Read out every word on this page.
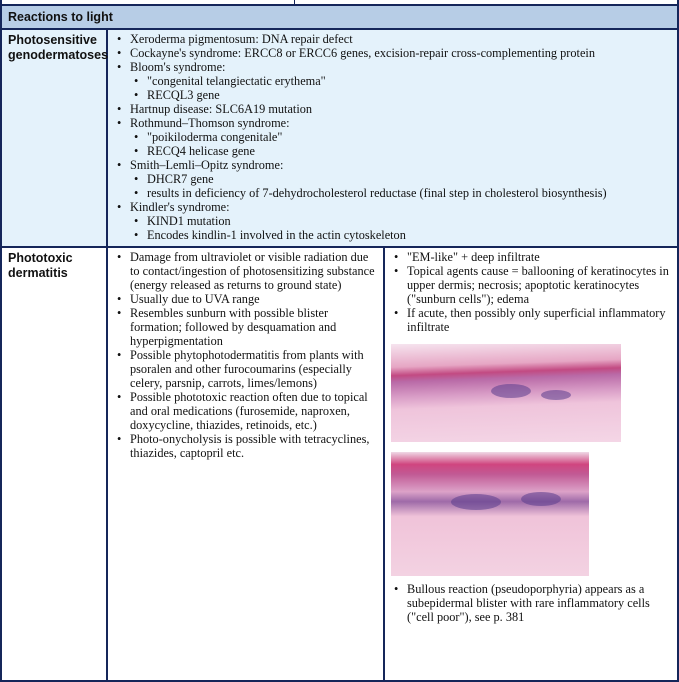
Reactions to light
Photosensitive genodermatoses
• Xeroderma pigmentosum: DNA repair defect
• Cockayne's syndrome: ERCC8 or ERCC6 genes, excision-repair cross-complementing protein
• Bloom's syndrome:
• "congenital telangiectatic erythema"
• RECQL3 gene
• Hartnup disease: SLC6A19 mutation
• Rothmund–Thomson syndrome:
• "poikiloderma congenitale"
• RECQ4 helicase gene
• Smith–Lemli–Opitz syndrome:
• DHCR7 gene
• results in deficiency of 7-dehydrocholesterol reductase (final step in cholesterol biosynthesis)
• Kindler's syndrome:
• KIND1 mutation
• Encodes kindlin-1 involved in the actin cytoskeleton
Phototoxic dermatitis
• Damage from ultraviolet or visible radiation due to contact/ingestion of photosensitizing substance (energy released as returns to ground state)
• Usually due to UVA range
• Resembles sunburn with possible blister formation; followed by desquamation and hyperpigmentation
• Possible phytophotodermatitis from plants with psoralen and other furocoumarins (especially celery, parsnip, carrots, limes/lemons)
• Possible phototoxic reaction often due to topical and oral medications (furosemide, naproxen, doxycycline, thiazides, retinoids, etc.)
• Photo-onycholysis is possible with tetracyclines, thiazides, captopril etc.
• "EM-like" + deep infiltrate
• Topical agents cause = ballooning of keratinocytes in upper dermis; necrosis; apoptotic keratinocytes ("sunburn cells"); edema
• If acute, then possibly only superficial inflammatory infiltrate
• Bullous reaction (pseudoporphyria) appears as a subepidermal blister with rare inflammatory cells ("cell poor"), see p. 381
